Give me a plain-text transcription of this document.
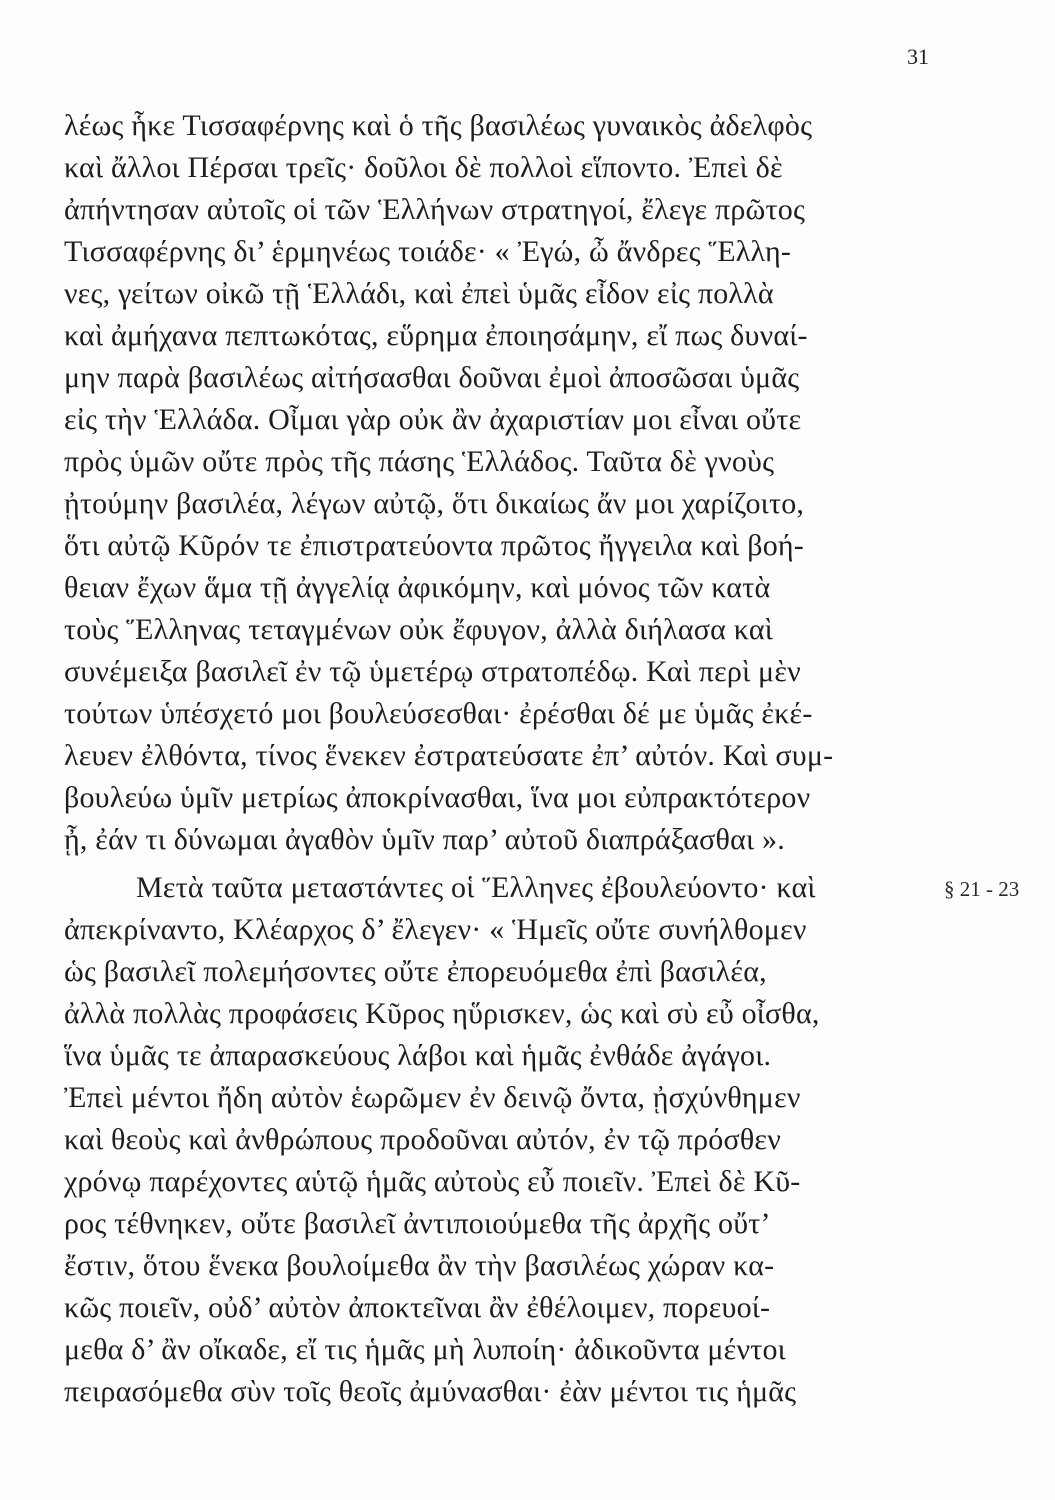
31
λέως ἧκε Τισσαφέρνης καὶ ὁ τῆς βασιλέως γυναικὸς ἀδελφὸς
καὶ ἄλλοι Πέρσαι τρεῖς· δοῦλοι δὲ πολλοὶ εἵποντο. Ἐπεὶ δὲ
ἀπήντησαν αὐτοῖς οἱ τῶν Ἑλλήνων στρατηγοί, ἔλεγε πρῶτος
Τισσαφέρνης δι’ ἑρμηνέως τοιάδε· « Ἐγώ, ὦ ἄνδρες Ἕλλη-
νες, γείτων οἰκῶ τῇ Ἑλλάδι, καὶ ἐπεὶ ὑμᾶς εἶδον εἰς πολλὰ
καὶ ἀμήχανα πεπτωκότας, εὕρημα ἐποιησάμην, εἴ πως δυναί-
μην παρὰ βασιλέως αἰτήσασθαι δοῦναι ἐμοὶ ἀποσῶσαι ὑμᾶς
εἰς τὴν Ἑλλάδα. Οἶμαι γὰρ οὐκ ἂν ἀχαριστίαν μοι εἶναι οὔτε
πρὸς ὑμῶν οὔτε πρὸς τῆς πάσης Ἑλλάδος. Ταῦτα δὲ γνοὺς
ᾐτούμην βασιλέα, λέγων αὐτῷ, ὅτι δικαίως ἄν μοι χαρίζοιτο,
ὅτι αὐτῷ Κῦρόν τε ἐπιστρατεύοντα πρῶτος ἤγγειλα καὶ βοή-
θειαν ἔχων ἅμα τῇ ἀγγελίᾳ ἀφικόμην, καὶ μόνος τῶν κατὰ
τοὺς Ἕλληνας τεταγμένων οὐκ ἔφυγον, ἀλλὰ διήλασα καὶ
συνέμειξα βασιλεῖ ἐν τῷ ὑμετέρῳ στρατοπέδῳ. Καὶ περὶ μὲν
τούτων ὑπέσχετό μοι βουλεύσεσθαι· ἐρέσθαι δέ με ὑμᾶς ἐκέ-
λευεν ἐλθόντα, τίνος ἕνεκεν ἐστρατεύσατε ἐπ’ αὐτόν. Καὶ συμ-
βουλεύω ὑμῖν μετρίως ἀποκρίνασθαι, ἵνα μοι εὐπρακτότερον
ᾖ, ἐάν τι δύνωμαι ἀγαθὸν ὑμῖν παρ’ αὐτοῦ διαπράξασθαι ».
Μετὰ ταῦτα μεταστάντες οἱ Ἕλληνες ἐβουλεύοντο· καὶ
ἀπεκρίναντο, Κλέαρχος δ’ ἔλεγεν· « Ἡμεῖς οὔτε συνήλθομεν
ὡς βασιλεῖ πολεμήσοντες οὔτε ἐπορευόμεθα ἐπὶ βασιλέα,
ἀλλὰ πολλὰς προφάσεις Κῦρος ηὕρισκεν, ὡς καὶ σὺ εὖ οἶσθα,
ἵνα ὑμᾶς τε ἀπαρασκεύους λάβοι καὶ ἡμᾶς ἐνθάδε ἀγάγοι.
Ἐπεὶ μέντοι ἤδη αὐτὸν ἑωρῶμεν ἐν δεινῷ ὄντα, ᾐσχύνθημεν
καὶ θεοὺς καὶ ἀνθρώπους προδοῦναι αὐτόν, ἐν τῷ πρόσθεν
χρόνῳ παρέχοντες αὑτῷ ἡμᾶς αὐτοὺς εὖ ποιεῖν. Ἐπεὶ δὲ Κῦ-
ρος τέθνηκεν, οὔτε βασιλεῖ ἀντιποιούμεθα τῆς ἀρχῆς οὔτ’
ἔστιν, ὅτου ἕνεκα βουλοίμεθα ἂν τὴν βασιλέως χώραν κα-
κῶς ποιεῖν, οὐδ’ αὐτὸν ἀποκτεῖναι ἂν ἐθέλοιμεν, πορευοί-
μεθα δ’ ἂν οἴκαδε, εἴ τις ἡμᾶς μὴ λυποίη· ἀδικοῦντα μέντοι
πειρασόμεθα σὺν τοῖς θεοῖς ἀμύνασθαι· ἐὰν μέντοι τις ἡμᾶς
§ 21 - 23
